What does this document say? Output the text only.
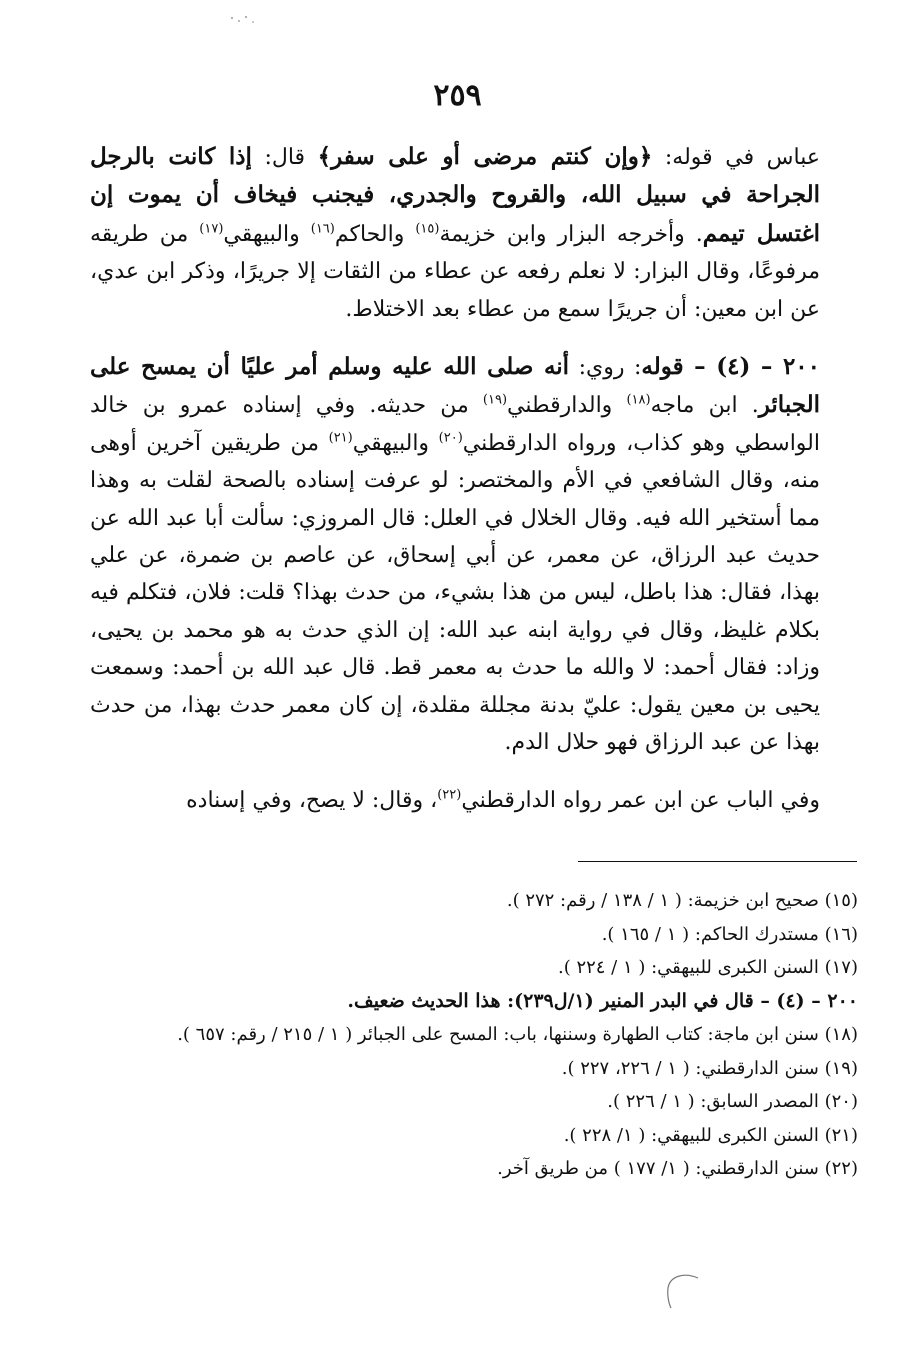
٢٥٩

عباس في قوله: ﴿وإن كنتم مرضى أو على سفر﴾ قال: إذا كانت بالرجل الجراحة في سبيل الله، والقروح والجدري، فيجنب فيخاف أن يموت إن اغتسل تيمم. وأخرجه البزار وابن خزيمة$^{(١٥)}$ والحاكم$^{(١٦)}$ والبيهقي$^{(١٧)}$ من طريقه مرفوعًا، وقال البزار: لا نعلم رفعه عن عطاء من الثقات إلا جريرًا، وذكر ابن عدي، عن ابن معين: أن جريرًا سمع من عطاء بعد الاختلاط.

٢٠٠ – (٤) – قوله: روي: أنه صلى الله عليه وسلم أمر عليًا أن يمسح على الجبائر. ابن ماجه$^{(١٨)}$ والدارقطني$^{(١٩)}$ من حديثه. وفي إسناده عمرو بن خالد الواسطي وهو كذاب، ورواه الدارقطني$^{(٢٠)}$ والبيهقي$^{(٢١)}$ من طريقين آخرين أوهى منه، وقال الشافعي في الأم والمختصر: لو عرفت إسناده بالصحة لقلت به وهذا مما أستخير الله فيه. وقال الخلال في العلل: قال المروزي: سألت أبا عبد الله عن حديث عبد الرزاق، عن معمر، عن أبي إسحاق، عن عاصم بن ضمرة، عن علي بهذا، فقال: هذا باطل، ليس من هذا بشيء، من حدث بهذا؟ قلت: فلان، فتكلم فيه بكلام غليظ، وقال في رواية ابنه عبد الله: إن الذي حدث به هو محمد بن يحيى، وزاد: فقال أحمد: لا والله ما حدث به معمر قط. قال عبد الله بن أحمد: وسمعت يحيى بن معين يقول: عليّ بدنة مجللة مقلدة، إن كان معمر حدث بهذا، من حدث بهذا عن عبد الرزاق فهو حلال الدم.

وفي الباب عن ابن عمر رواه الدارقطني$^{(٢٢)}$، وقال: لا يصح، وفي إسناده

(١٥) صحيح ابن خزيمة: ( ١ / ١٣٨ / رقم: ٢٧٢ ).

(١٦) مستدرك الحاكم: ( ١ / ١٦٥ ).

(١٧) السنن الكبرى للبيهقي: ( ١ / ٢٢٤ ).

٢٠٠ – (٤) – قال في البدر المنير (١/ل٢٣٩): هذا الحديث ضعيف.

(١٨) سنن ابن ماجة: كتاب الطهارة وسننها، باب: المسح على الجبائر ( ١ / ٢١٥ / رقم: ٦٥٧ ).

(١٩) سنن الدارقطني: ( ١ / ٢٢٦، ٢٢٧ ).

(٢٠) المصدر السابق: ( ١ / ٢٢٦ ).

(٢١) السنن الكبرى للبيهقي: ( ١/ ٢٢٨ ).

(٢٢) سنن الدارقطني: ( ١/ ١٧٧ ) من طريق آخر.
